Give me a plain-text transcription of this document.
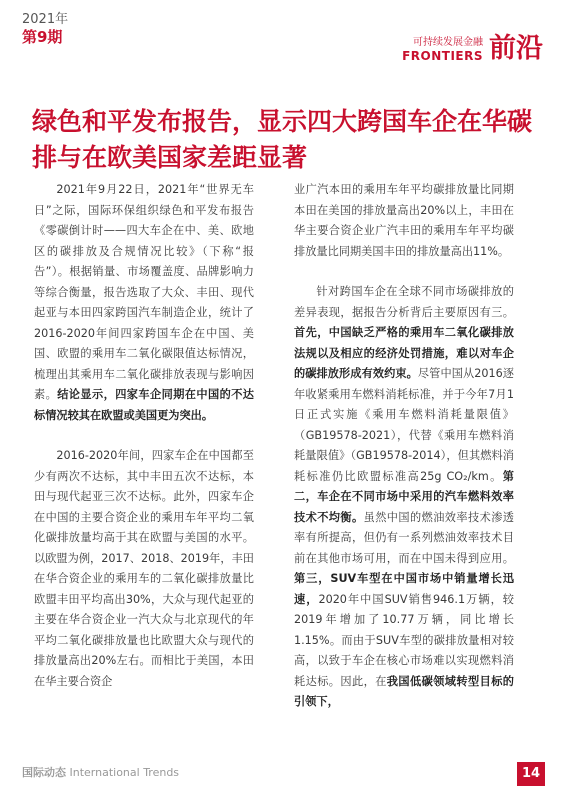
2021年
第9期	可持续发展金融
FRONTIERS 前沿
绿色和平发布报告，显示四大跨国车企在华碳排与在欧美国家差距显著

2021年9月22日，2021年“世界无车日”之际，国际环保组织绿色和平发布报告《零碳倒计时——四大车企在中、美、欧地区的碳排放及合规情况比较》（下称“报告”）。根据销量、市场覆盖度、品牌影响力等综合衡量，报告选取了大众、丰田、现代起亚与本田四家跨国汽车制造企业，统计了2016-2020年间四家跨国车企在中国、美国、欧盟的乘用车二氧化碳限值达标情况，梳理出其乘用车二氧化碳排放表现与影响因素。结论显示，四家车企同期在中国的不达标情况较其在欧盟或美国更为突出。

2016-2020年间，四家车企在中国都至少有两次不达标，其中丰田五次不达标，本田与现代起亚三次不达标。此外，四家车企在中国的主要合资企业的乘用车年平均二氧化碳排放量均高于其在欧盟与美国的水平。以欧盟为例，2017、2018、2019年，丰田在华合资企业的乘用车的二氧化碳排放量比欧盟丰田平均高出30%，大众与现代起亚的主要在华合资企业一汽大众与北京现代的年平均二氧化碳排放量也比欧盟大众与现代的排放量高出20%左右。而相比于美国，本田在华主要合资企

业广汽本田的乘用车年平均碳排放量比同期本田在美国的排放量高出20%以上，丰田在华主要合资企业广汽丰田的乘用车年平均碳排放量比同期美国丰田的排放量高出11%。

针对跨国车企在全球不同市场碳排放的差异表现，据报告分析背后主要原因有三。首先，中国缺乏严格的乘用车二氧化碳排放法规以及相应的经济处罚措施，难以对车企的碳排放形成有效约束。尽管中国从2016逐年收紧乘用车燃料消耗标准，并于今年7月1日正式实施《乘用车燃料消耗量限值》（GB19578-2021），代替《乘用车燃料消耗量限值》（GB19578-2014），但其燃料消耗标准仍比欧盟标准高25g CO₂/km。第二，车企在不同市场中采用的汽车燃料效率技术不均衡。虽然中国的燃油效率技术渗透率有所提高，但仍有一系列燃油效率技术目前在其他市场可用，而在中国未得到应用。第三，SUV车型在中国市场中销量增长迅速，2020年中国SUV销售946.1万辆，较2019年增加了10.77万辆，同比增长1.15%。而由于SUV车型的碳排放量相对较高，以致于车企在核心市场难以实现燃料消耗达标。因此，在我国低碳领域转型目标的引领下，

国际动态 International Trends	14
